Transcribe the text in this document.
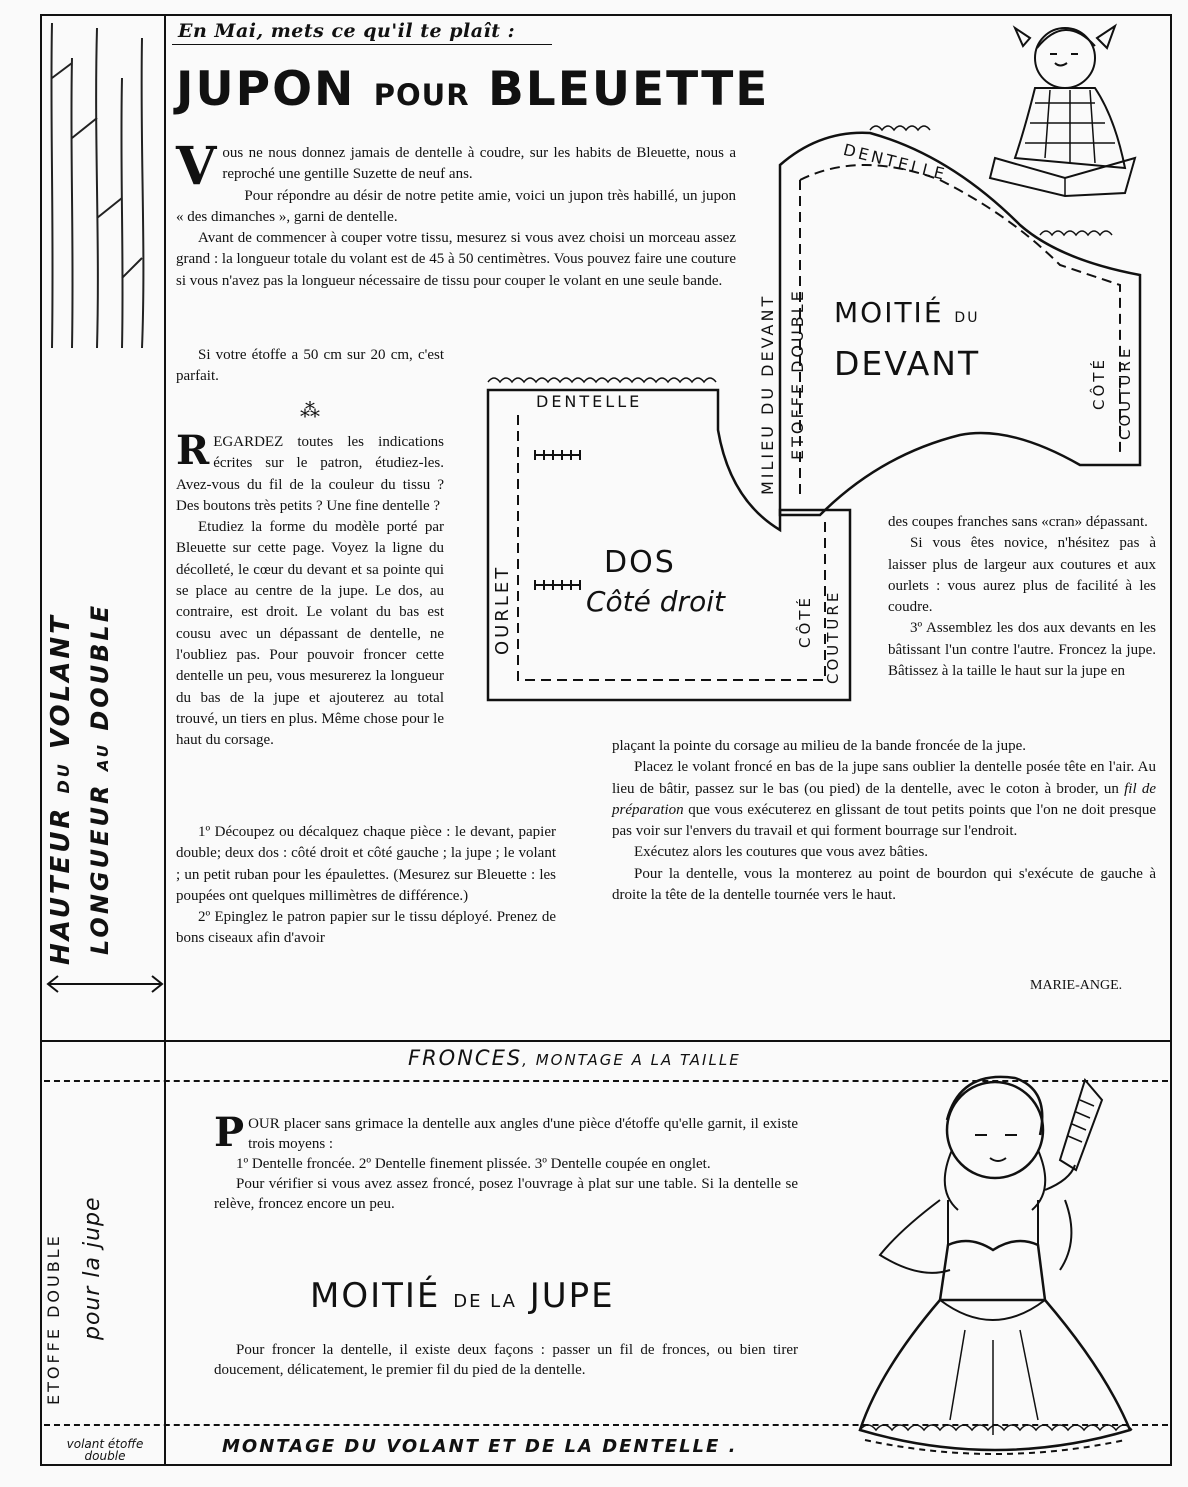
HAUTEUR DU VOLANT
LONGUEUR AU DOUBLE
ETOFFE DOUBLE pour la jupe
volant étoffe
double
En Mai, mets ce qu'il te plaît :
JUPON POUR BLEUETTE
V ous ne nous donnez jamais de dentelle à coudre, sur les habits de Bleuette, nous a reproché une gentille Suzette de neuf ans.

Pour répondre au désir de notre petite amie, voici un jupon très habillé, un jupon « des dimanches », garni de dentelle.

Avant de commencer à couper votre tissu, mesurez si vous avez choisi un morceau assez grand : la longueur totale du volant est de 45 à 50 centimètres. Vous pouvez faire une couture si vous n'avez pas la longueur nécessaire de tissu pour couper le volant en une seule bande.

Si votre étoffe a 50 cm sur 20 cm, c'est parfait.
⁂
R EGARDEZ toutes les indications écrites sur le patron, étudiez-les. Avez-vous du fil de la couleur du tissu ? Des boutons très petits ? Une fine dentelle ?

Etudiez la forme du modèle porté par Bleuette sur cette page. Voyez la ligne du décolleté, le cœur du devant et sa pointe qui se place au centre de la jupe. Le dos, au contraire, est droit. Le volant du bas est cousu avec un dépassant de dentelle, ne l'oubliez pas. Pour pouvoir froncer cette dentelle un peu, vous mesurerez la longueur du bas de la jupe et ajouterez au total trouvé, un tiers en plus. Même chose pour le haut du corsage.

1º Découpez ou décalquez chaque pièce : le devant, papier double; deux dos : côté droit et côté gauche ; la jupe ; le volant ; un petit ruban pour les épaulettes. (Mesurez sur Bleuette : les poupées ont quelques millimètres de différence.)

2º Epinglez le patron papier sur le tissu déployé. Prenez de bons ciseaux afin d'avoir

DENTELLE
MILIEU DU DEVANT ETOFFE DOUBLE MOITIÉ DU
DEVANT	CÔTÉ COUTURE
DENTELLE
OURLET
DOS
Côté droit	CÔTÉ COUTURE

des coupes franches sans «cran» dépassant.

Si vous êtes novice, n'hésitez pas à laisser plus de largeur aux coutures et aux ourlets : vous aurez plus de facilité à les coudre.

3º Assemblez les dos aux devants en les bâtissant l'un contre l'autre. Froncez la jupe. Bâtissez à la taille le haut sur la jupe en

plaçant la pointe du corsage au milieu de la bande froncée de la jupe.

Placez le volant froncé en bas de la jupe sans oublier la dentelle posée tête en l'air. Au lieu de bâtir, passez sur le bas (ou pied) de la dentelle, avec le coton à broder, un fil de préparation que vous exécuterez en glissant de tout petits points que l'on ne doit presque pas voir sur l'envers du travail et qui forment bourrage sur l'endroit.

Exécutez alors les coutures que vous avez bâties.

Pour la dentelle, vous la monterez au point de bourdon qui s'exécute de gauche à droite la tête de la dentelle tournée vers le haut.

MARIE-ANGE.
FRONCES, MONTAGE A LA TAILLE
P OUR placer sans grimace la dentelle aux angles d'une pièce d'étoffe qu'elle garnit, il existe trois moyens :

1º Dentelle froncée. 2º Dentelle finement plissée. 3º Dentelle coupée en onglet.

Pour vérifier si vous avez assez froncé, posez l'ouvrage à plat sur une table. Si la dentelle se relève, froncez encore un peu.

MOITIÉ DE LA JUPE
Pour froncer la dentelle, il existe deux façons : passer un fil de fronces, ou bien tirer doucement, délicatement, le premier fil du pied de la dentelle.
MONTAGE DU VOLANT ET DE LA DENTELLE .
